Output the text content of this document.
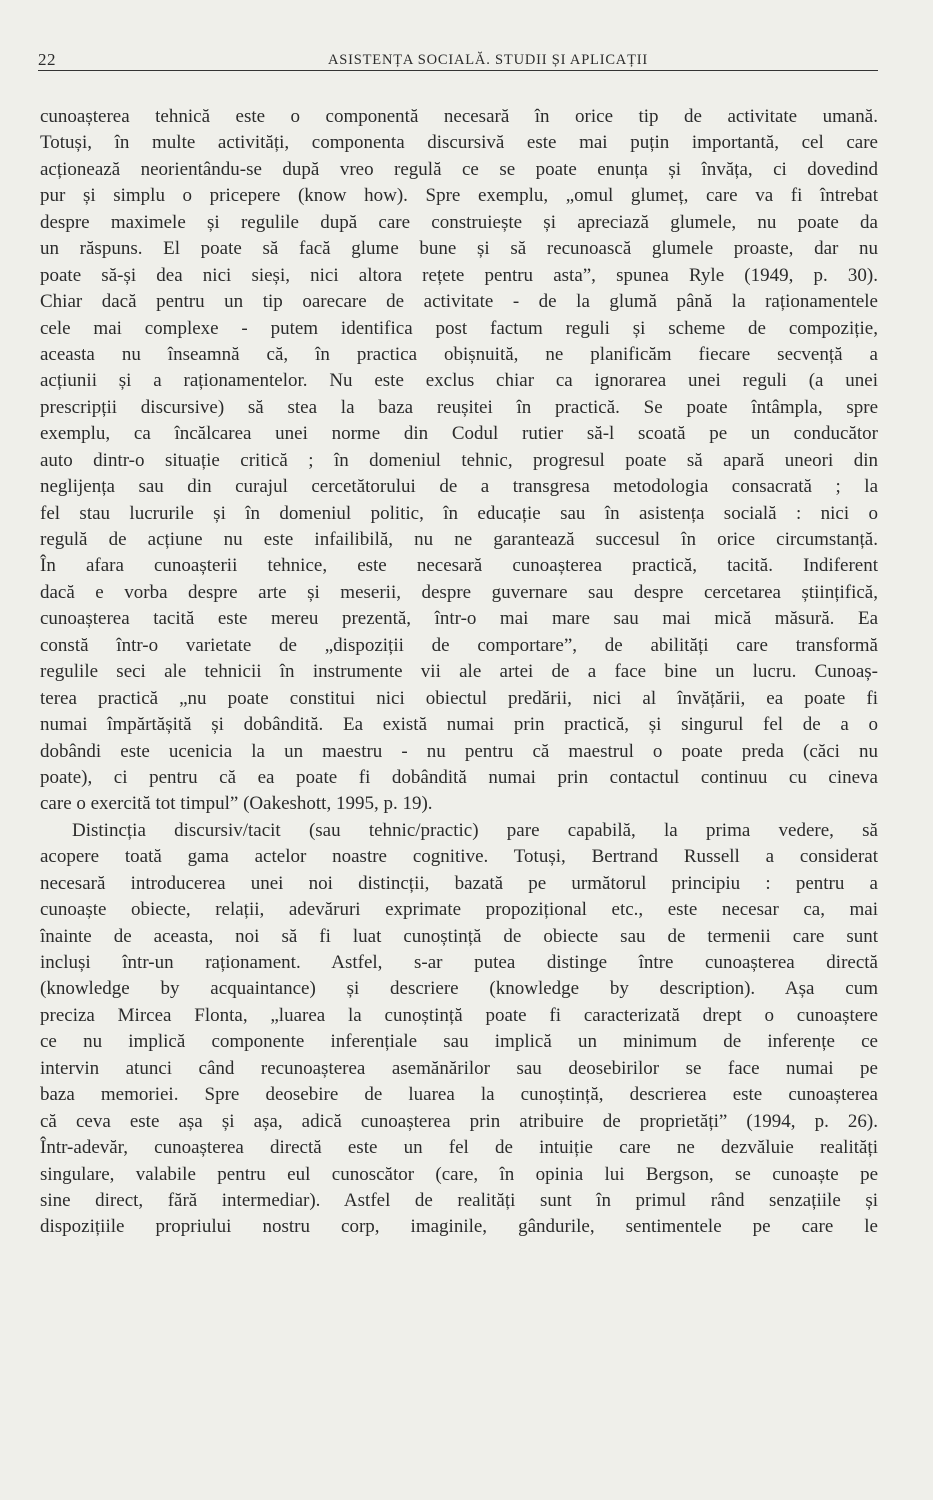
22	ASISTENȚA SOCIALĂ. STUDII ȘI APLICAȚII
cunoașterea tehnică este o componentă necesară în orice tip de activitate umană.
Totuși, în multe activități, componenta discursivă este mai puțin importantă, cel care
acționează neorientându-se după vreo regulă ce se poate enunța și învăța, ci dovedind
pur și simplu o pricepere (know how). Spre exemplu, „omul glumeț, care va fi întrebat
despre maximele și regulile după care construiește și apreciază glumele, nu poate da
un răspuns. El poate să facă glume bune și să recunoască glumele proaste, dar nu
poate să-și dea nici sieși, nici altora rețete pentru asta”, spunea Ryle (1949, p. 30).
Chiar dacă pentru un tip oarecare de activitate - de la glumă până la raționamentele
cele mai complexe - putem identifica post factum reguli și scheme de compoziție,
aceasta nu înseamnă că, în practica obișnuită, ne planificăm fiecare secvență a
acțiunii și a raționamentelor. Nu este exclus chiar ca ignorarea unei reguli (a unei
prescripții discursive) să stea la baza reușitei în practică. Se poate întâmpla, spre
exemplu, ca încălcarea unei norme din Codul rutier să-l scoată pe un conducător
auto dintr-o situație critică ; în domeniul tehnic, progresul poate să apară uneori din
neglijența sau din curajul cercetătorului de a transgresa metodologia consacrată ; la
fel stau lucrurile și în domeniul politic, în educație sau în asistența socială : nici o
regulă de acțiune nu este infailibilă, nu ne garantează succesul în orice circumstanță.
În afara cunoașterii tehnice, este necesară cunoașterea practică, tacită. Indiferent
dacă e vorba despre arte și meserii, despre guvernare sau despre cercetarea științifică,
cunoașterea tacită este mereu prezentă, într-o mai mare sau mai mică măsură. Ea
constă într-o varietate de „dispoziții de comportare”, de abilități care transformă
regulile seci ale tehnicii în instrumente vii ale artei de a face bine un lucru. Cunoaș-
terea practică „nu poate constitui nici obiectul predării, nici al învățării, ea poate fi
numai împărtășită și dobândită. Ea există numai prin practică, și singurul fel de a o
dobândi este ucenicia la un maestru - nu pentru că maestrul o poate preda (căci nu
poate), ci pentru că ea poate fi dobândită numai prin contactul continuu cu cineva
care o exercită tot timpul” (Oakeshott, 1995, p. 19).
Distincția discursiv/tacit (sau tehnic/practic) pare capabilă, la prima vedere, să
acopere toată gama actelor noastre cognitive. Totuși, Bertrand Russell a considerat
necesară introducerea unei noi distincții, bazată pe următorul principiu : pentru a
cunoaște obiecte, relații, adevăruri exprimate propozițional etc., este necesar ca, mai
înainte de aceasta, noi să fi luat cunoștință de obiecte sau de termenii care sunt
incluși într-un raționament. Astfel, s-ar putea distinge între cunoașterea directă
(knowledge by acquaintance) și descriere (knowledge by description). Așa cum
preciza Mircea Flonta, „luarea la cunoștință poate fi caracterizată drept o cunoaștere
ce nu implică componente inferențiale sau implică un minimum de inferențe ce
intervin atunci când recunoașterea asemănărilor sau deosebirilor se face numai pe
baza memoriei. Spre deosebire de luarea la cunoștință, descrierea este cunoașterea
că ceva este așa și așa, adică cunoașterea prin atribuire de proprietăți” (1994, p. 26).
Într-adevăr, cunoașterea directă este un fel de intuiție care ne dezvăluie realități
singulare, valabile pentru eul cunoscător (care, în opinia lui Bergson, se cunoaște pe
sine direct, fără intermediar). Astfel de realități sunt în primul rând senzațiile și
dispozițiile propriului nostru corp, imaginile, gândurile, sentimentele pe care le
